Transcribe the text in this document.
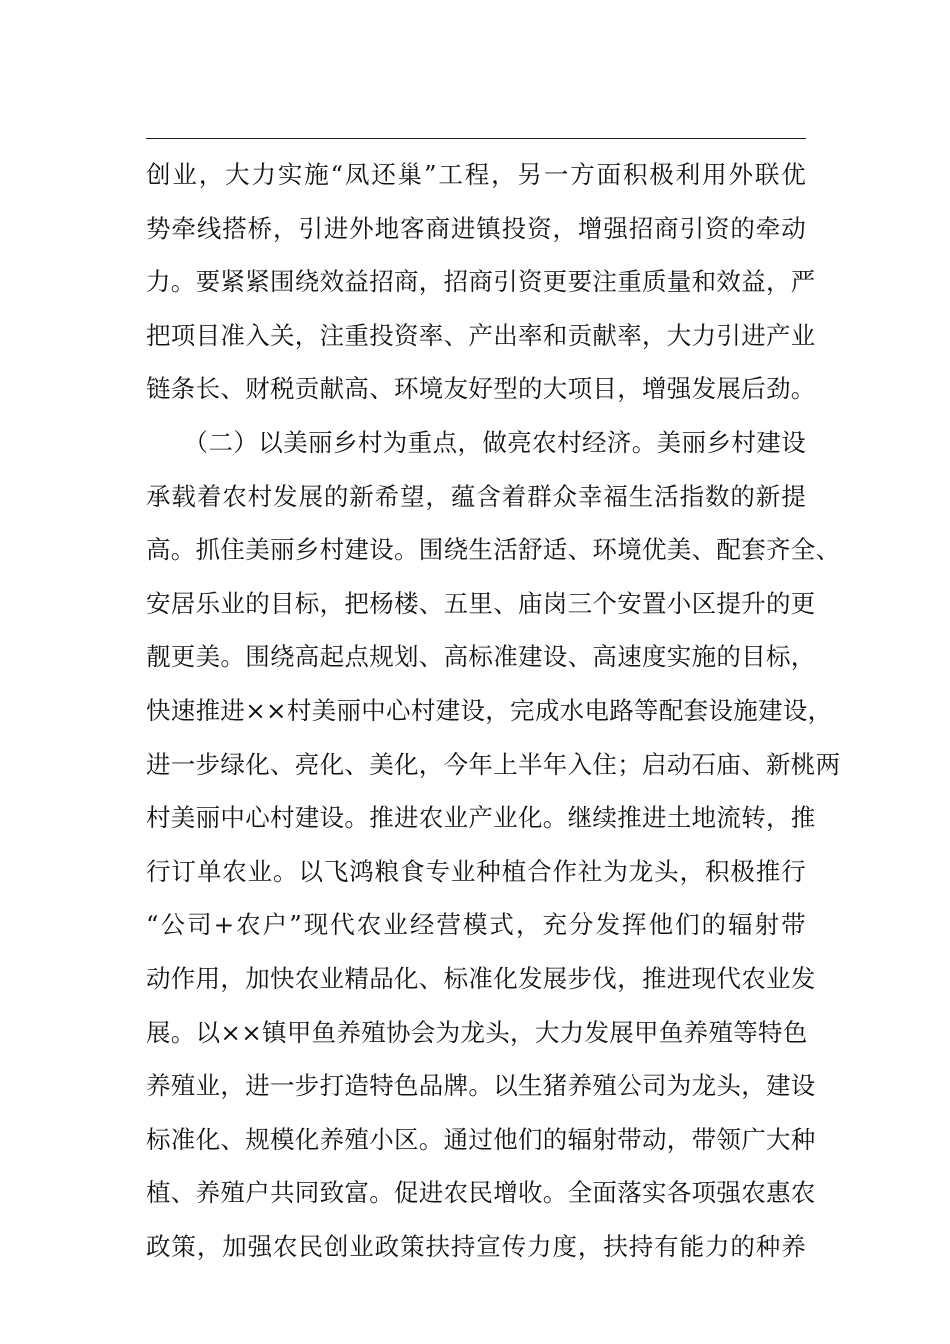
创业，大力实施“凤还巢”工程，另一方面积极利用外联优
势牵线搭桥，引进外地客商进镇投资，增强招商引资的牵动
力。要紧紧围绕效益招商，招商引资更要注重质量和效益，严
把项目准入关，注重投资率、产出率和贡献率，大力引进产业
链条长、财税贡献高、环境友好型的大项目，增强发展后劲。
　　（二）以美丽乡村为重点，做亮农村经济。美丽乡村建设
承载着农村发展的新希望，蕴含着群众幸福生活指数的新提
高。抓住美丽乡村建设。围绕生活舒适、环境优美、配套齐全、
安居乐业的目标，把杨楼、五里、庙岗三个安置小区提升的更
靓更美。围绕高起点规划、高标准建设、高速度实施的目标，
快速推进××村美丽中心村建设，完成水电路等配套设施建设，
进一步绿化、亮化、美化，今年上半年入住；启动石庙、新桃两
村美丽中心村建设。推进农业产业化。继续推进土地流转，推
行订单农业。以飞鸿粮食专业种植合作社为龙头，积极推行
“公司+农户”现代农业经营模式，充分发挥他们的辐射带
动作用，加快农业精品化、标准化发展步伐，推进现代农业发
展。以××镇甲鱼养殖协会为龙头，大力发展甲鱼养殖等特色
养殖业，进一步打造特色品牌。以生猪养殖公司为龙头，建设
标准化、规模化养殖小区。通过他们的辐射带动，带领广大种
植、养殖户共同致富。促进农民增收。全面落实各项强农惠农
政策，加强农民创业政策扶持宣传力度，扶持有能力的种养
